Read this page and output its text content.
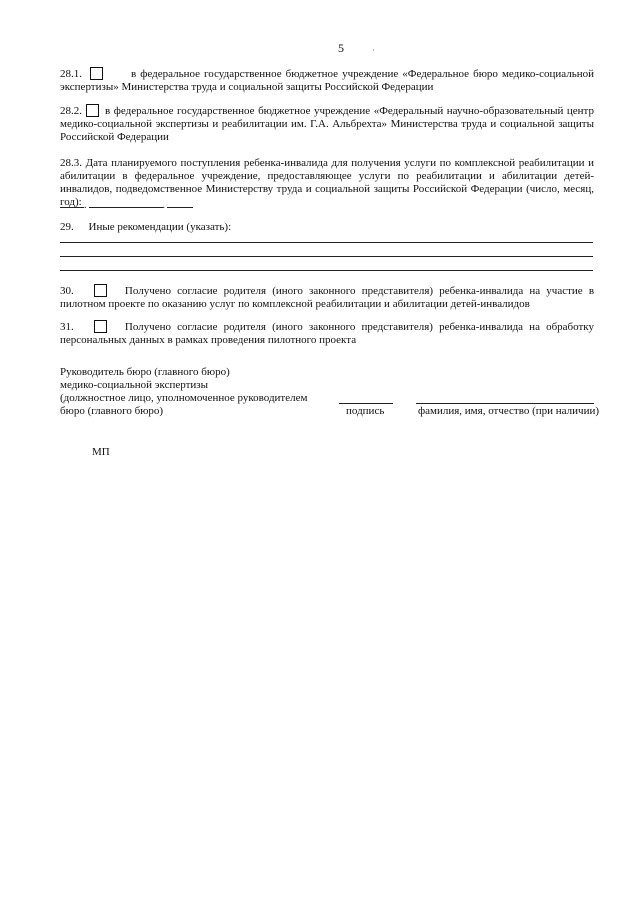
5	·
28.1.	в федеральное государственное бюджетное учреждение «Федеральное бюро медико-социальной экспертизы» Министерства труда и социальной защиты Российской Федерации
28.2. в федеральное государственное бюджетное учреждение «Федеральный научно-образовательный центр медико-социальной экспертизы и реабилитации им. Г.А. Альбрехта» Министерства труда и социальной защиты Российской Федерации
28.3. Дата планируемого поступления ребенка-инвалида для получения услуги по комплексной реабилитации и абилитации в федеральное учреждение, предоставляющее услуги по реабилитации и абилитации детей-инвалидов, подведомственное Министерству труда и социальной защиты Российской Федерации (число, месяц, год): .	.
29. Иные рекомендации (указать):
30.	Получено согласие родителя (иного законного представителя) ребенка-инвалида на участие в пилотном проекте по оказанию услуг по комплексной реабилитации и абилитации детей-инвалидов
31.	Получено согласие родителя (иного законного представителя) ребенка-инвалида на обработку персональных данных в рамках проведения пилотного проекта
Руководитель бюро (главного бюро)
медико-социальной экспертизы
(должностное лицо, уполномоченное руководителем
бюро (главного бюро)	подпись	фамилия, имя, отчество (при наличии)
МП
